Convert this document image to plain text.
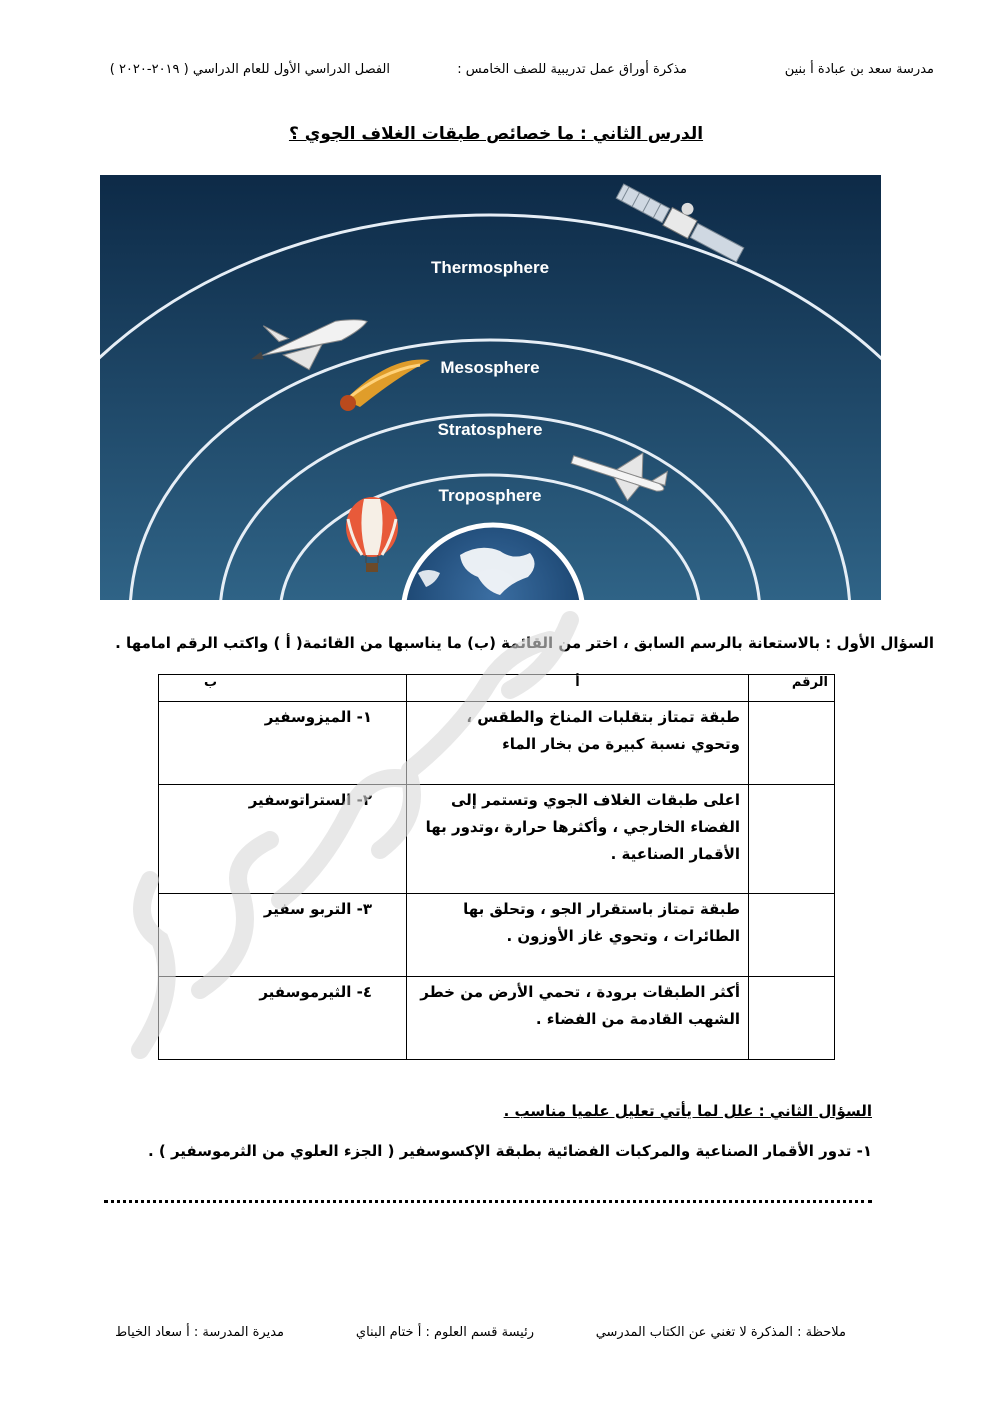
مدرسة سعد بن عبادة أ بنين
مذكرة أوراق عمل تدريبية للصف الخامس :
الفصل الدراسي الأول للعام الدراسي ( ٢٠١٩-٢٠٢٠ )
الدرس الثاني : ما خصائص طبقات الغلاف الجوي ؟
Thermosphere
Mesosphere
Stratosphere
Troposphere
السؤال الأول : بالاستعانة بالرسم السابق ، اختر من القائمة (ب) ما يناسبها من القائمة( أ ) واكتب الرقم امامها .
الرقم	أ	ب
	طبقة تمتاز بتقلبات المناخ والطقس ، وتحوي نسبة كبيرة من بخار الماء	١- الميزوسفير
	اعلى طبقات الغلاف الجوي وتستمر إلى الفضاء الخارجي ، وأكثرها حرارة ،وتدور بها الأقمار الصناعية .	٢- الستراتوسفير
	طبقة تمتاز باستقرار الجو ، وتحلق بها الطائرات ، وتحوي غاز الأوزون .	٣- التربو سفير
	أكثر الطبقات برودة ، تحمي الأرض من خطر الشهب القادمة من الفضاء .	٤- الثيرموسفير
السؤال الثاني : علل لما يأتي تعليل علميا مناسب .
١- تدور الأقمار الصناعية والمركبات الفضائية بطبقة الإكسوسفير ( الجزء العلوي من الثرموسفير ) .
ملاحظة : المذكرة لا تغني عن الكتاب المدرسي
رئيسة قسم العلوم : أ ختام البناي
مديرة المدرسة : أ سعاد الخياط
